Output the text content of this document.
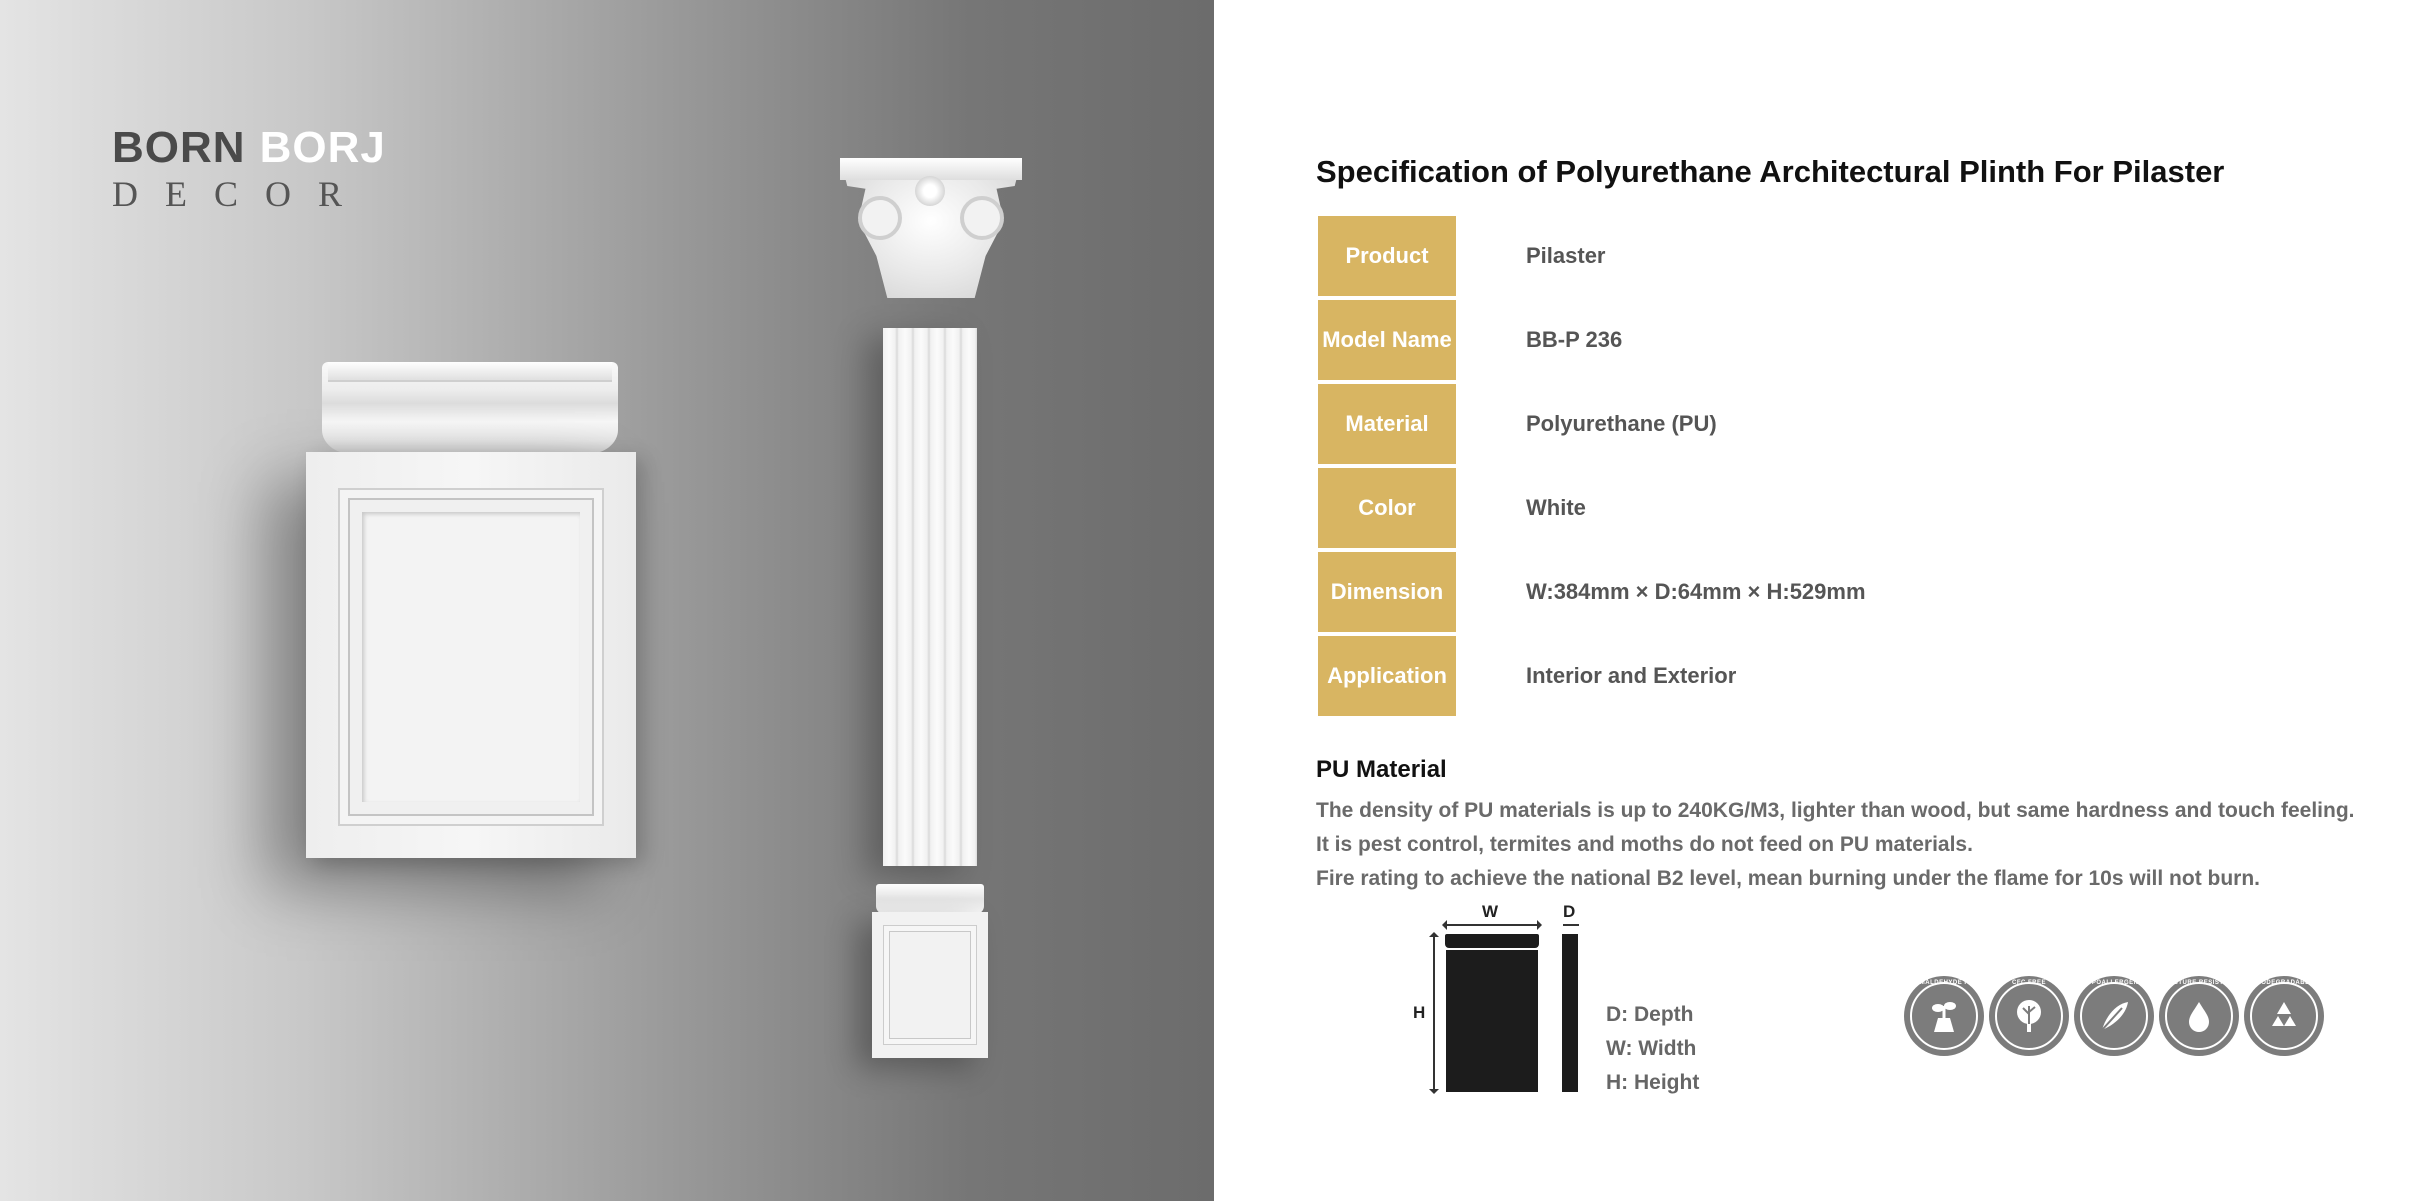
BORN BORJ
DECOR
Specification of Polyurethane Architectural Plinth For Pilaster
Product	Pilaster
Model Name	BB-P 236
Material	Polyurethane (PU)
Color	White
Dimension	W:384mm × D:64mm × H:529mm
Application	Interior and Exterior
PU Material
The density of PU materials is up to 240KG/M3, lighter than wood, but same hardness and touch feeling.
It is pest control, termites and moths do not feed on PU materials.
Fire rating to achieve the national B2 level, mean burning under the flame for 10s will not burn.
W	D
H	D: Depth
W: Width
H: Height
FORMALDEHYDE FREE	CFC FREE	HYPOALLERGENIC	MOISTURE RESISTANT	BIODEGRADABLE
